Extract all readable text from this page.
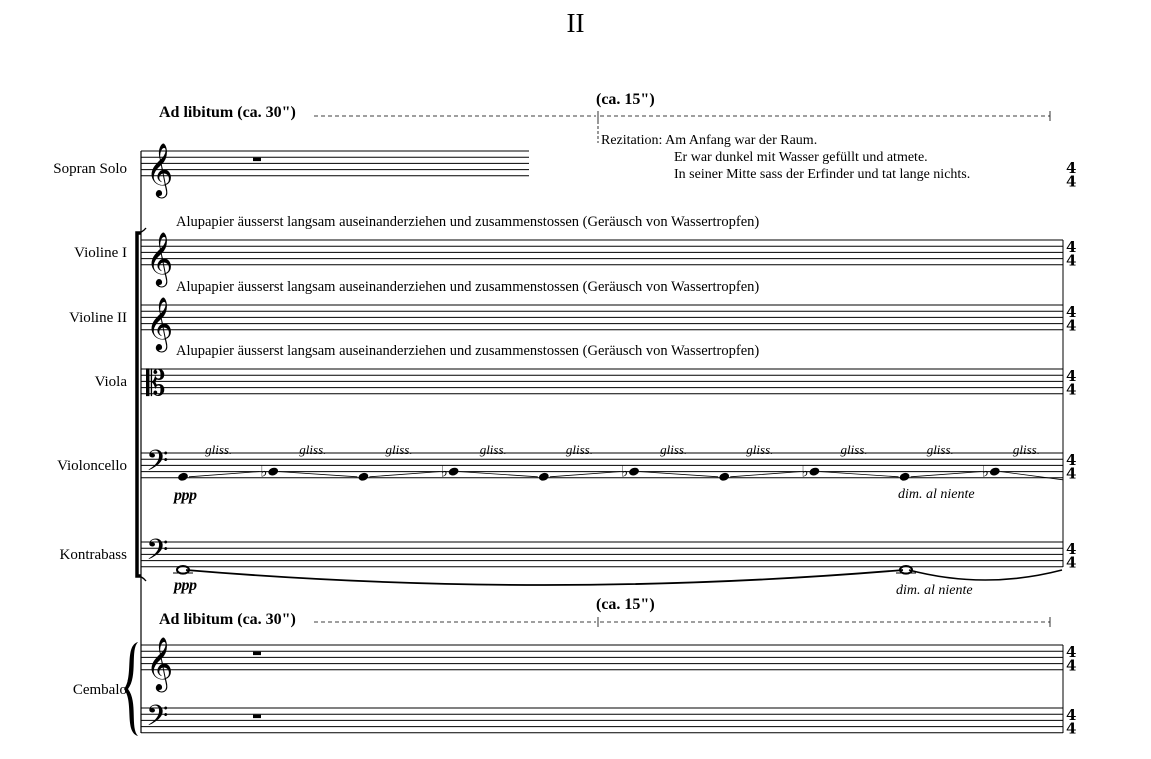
𝄞
𝄞
𝄞
𝄡
𝄢
𝄢
𝄞
𝄢
4
4
4
4
4
4
4
4
4
4
4
4
4
4
4
4
gliss.
♭
gliss.	gliss.
♭
gliss.	gliss.
♭
gliss.	gliss.
♭
gliss.	gliss.
♭
gliss.
II
Ad libitum (ca. 30")
(ca. 15")
Ad libitum (ca. 30")
(ca. 15")
Rezitation: Am Anfang war der Raum.
Er war dunkel mit Wasser gefüllt und atmete.
In seiner Mitte sass der Erfinder und tat lange nichts.
Sopran Solo
Violine I
Violine II
Viola
Violoncello
Kontrabass
Cembalo
Alupapier äusserst langsam auseinanderziehen und zusammenstossen (Geräusch von Wassertropfen)
Alupapier äusserst langsam auseinanderziehen und zusammenstossen (Geräusch von Wassertropfen)
Alupapier äusserst langsam auseinanderziehen und zusammenstossen (Geräusch von Wassertropfen)
ppp	dim. al niente
ppp	dim. al niente
